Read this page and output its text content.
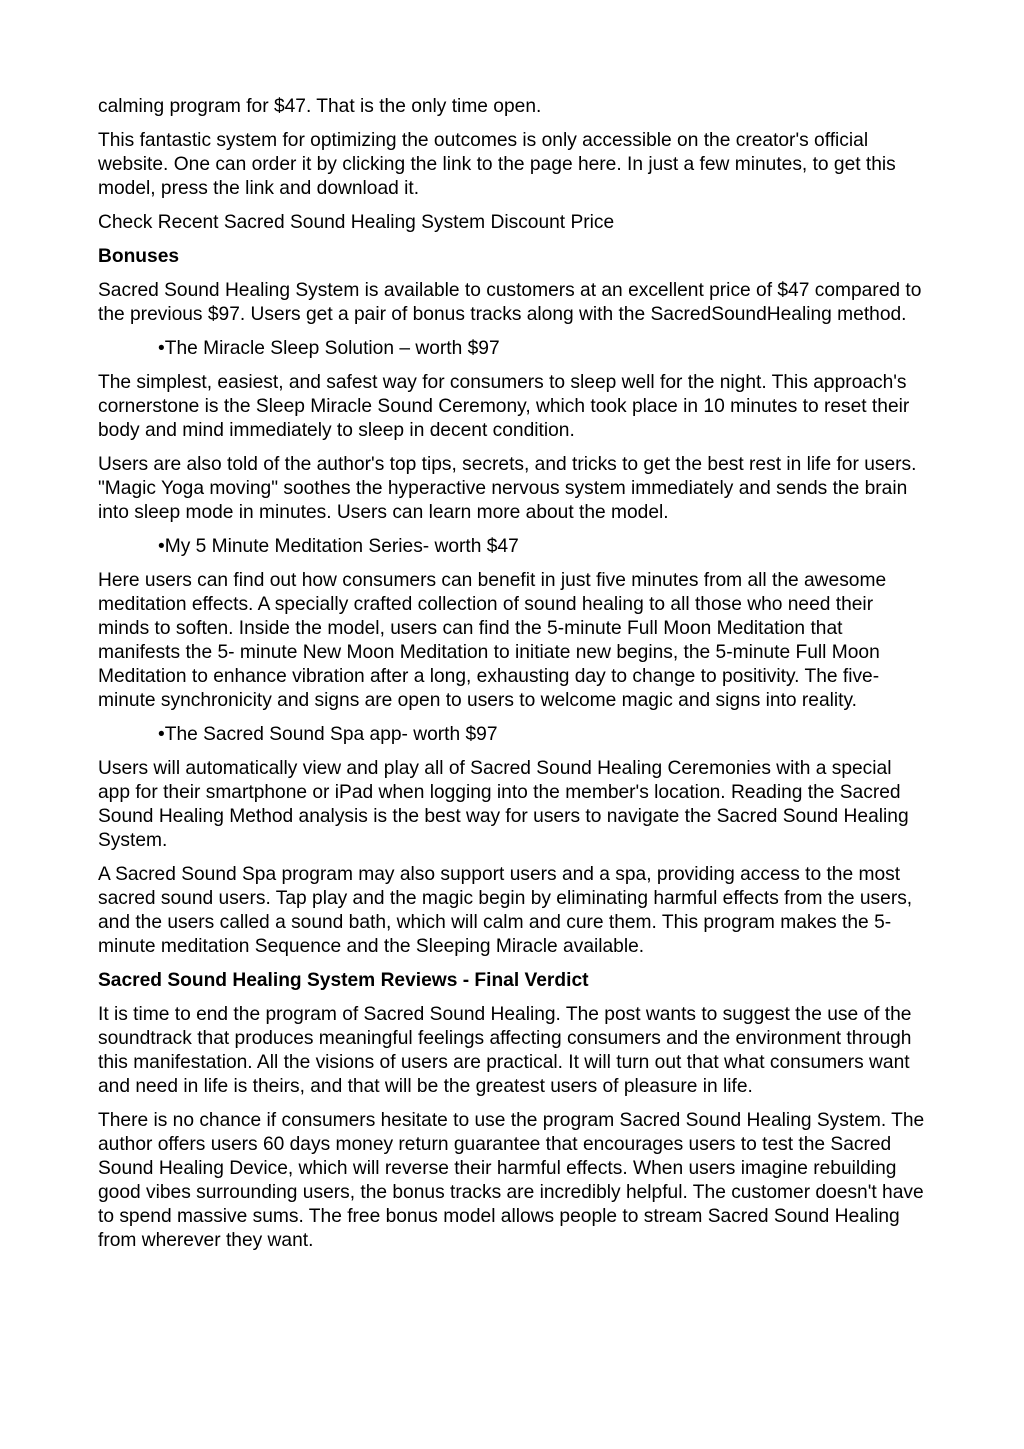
calming program for $47. That is the only time open.

This fantastic system for optimizing the outcomes is only accessible on the creator's official website. One can order it by clicking the link to the page here. In just a few minutes, to get this model, press the link and download it.

Check Recent Sacred Sound Healing System Discount Price

Bonuses

Sacred Sound Healing System is available to customers at an excellent price of $47 compared to the previous $97. Users get a pair of bonus tracks along with the SacredSoundHealing method.

•The Miracle Sleep Solution – worth $97

The simplest, easiest, and safest way for consumers to sleep well for the night. This approach's cornerstone is the Sleep Miracle Sound Ceremony, which took place in 10 minutes to reset their body and mind immediately to sleep in decent condition.

Users are also told of the author's top tips, secrets, and tricks to get the best rest in life for users. "Magic Yoga moving" soothes the hyperactive nervous system immediately and sends the brain into sleep mode in minutes. Users can learn more about the model.

•My 5 Minute Meditation Series- worth $47

Here users can find out how consumers can benefit in just five minutes from all the awesome meditation effects. A specially crafted collection of sound healing to all those who need their minds to soften. Inside the model, users can find the 5-minute Full Moon Meditation that manifests the 5- minute New Moon Meditation to initiate new begins, the 5-minute Full Moon Meditation to enhance vibration after a long, exhausting day to change to positivity. The five-minute synchronicity and signs are open to users to welcome magic and signs into reality.

•The Sacred Sound Spa app- worth $97

Users will automatically view and play all of Sacred Sound Healing Ceremonies with a special app for their smartphone or iPad when logging into the member's location. Reading the Sacred Sound Healing Method analysis is the best way for users to navigate the Sacred Sound Healing System.

A Sacred Sound Spa program may also support users and a spa, providing access to the most sacred sound users. Tap play and the magic begin by eliminating harmful effects from the users, and the users called a sound bath, which will calm and cure them. This program makes the 5-minute meditation Sequence and the Sleeping Miracle available.

Sacred Sound Healing System Reviews - Final Verdict

It is time to end the program of Sacred Sound Healing. The post wants to suggest the use of the soundtrack that produces meaningful feelings affecting consumers and the environment through this manifestation. All the visions of users are practical. It will turn out that what consumers want and need in life is theirs, and that will be the greatest users of pleasure in life.

There is no chance if consumers hesitate to use the program Sacred Sound Healing System. The author offers users 60 days money return guarantee that encourages users to test the Sacred Sound Healing Device, which will reverse their harmful effects. When users imagine rebuilding good vibes surrounding users, the bonus tracks are incredibly helpful. The customer doesn't have to spend massive sums. The free bonus model allows people to stream Sacred Sound Healing from wherever they want.
